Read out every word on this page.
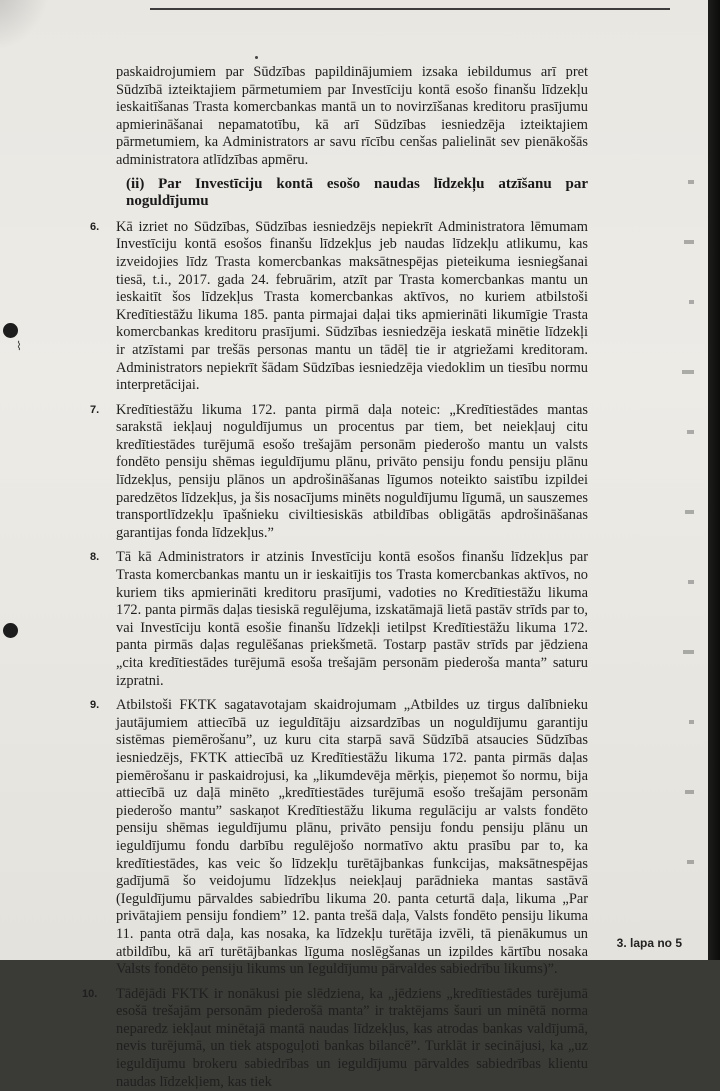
⌇

paskaidrojumiem par Sūdzības papildinājumiem izsaka iebildumus arī pret Sūdzībā izteiktajiem pārmetumiem par Investīciju kontā esošo finanšu līdzekļu ieskaitīšanas Trasta komercbankas mantā un to novirzīšanas kreditoru prasījumu apmierināšanai nepamatotību, kā arī Sūdzības iesniedzēja izteiktajiem pārmetumiem, ka Administrators ar savu rīcību cenšas palielināt sev pienākošās administratora atlīdzības apmēru.

(ii) Par Investīciju kontā esošo naudas līdzekļu atzīšanu par noguldījumu
6. Kā izriet no Sūdzības, Sūdzības iesniedzējs nepiekrīt Administratora lēmumam Investīciju kontā esošos finanšu līdzekļus jeb naudas līdzekļu atlikumu, kas izveidojies līdz Trasta komercbankas maksātnespējas pieteikuma iesniegšanai tiesā, t.i., 2017. gada 24. februārim, atzīt par Trasta komercbankas mantu un ieskaitīt šos līdzekļus Trasta komercbankas aktīvos, no kuriem atbilstoši Kredītiestāžu likuma 185. panta pirmajai daļai tiks apmierināti likumīgie Trasta komercbankas kreditoru prasījumi. Sūdzības iesniedzēja ieskatā minētie līdzekļi ir atzīstami par trešās personas mantu un tādēļ tie ir atgriežami kreditoram. Administrators nepiekrīt šādam Sūdzības iesniedzēja viedoklim un tiesību normu interpretācijai.
7. Kredītiestāžu likuma 172. panta pirmā daļa noteic: „Kredītiestādes mantas sarakstā iekļauj noguldījumus un procentus par tiem, bet neiekļauj citu kredītiestādes turējumā esošo trešajām personām piederošo mantu un valsts fondēto pensiju shēmas ieguldījumu plānu, privāto pensiju fondu pensiju plānu līdzekļus, pensiju plānos un apdrošināšanas līgumos noteikto saistību izpildei paredzētos līdzekļus, ja šis nosacījums minēts noguldījumu līgumā, un sauszemes transportlīdzekļu īpašnieku civiltiesiskās atbildības obligātās apdrošināšanas garantijas fonda līdzekļus.”
8. Tā kā Administrators ir atzinis Investīciju kontā esošos finanšu līdzekļus par Trasta komercbankas mantu un ir ieskaitījis tos Trasta komercbankas aktīvos, no kuriem tiks apmierināti kreditoru prasījumi, vadoties no Kredītiestāžu likuma 172. panta pirmās daļas tiesiskā regulējuma, izskatāmajā lietā pastāv strīds par to, vai Investīciju kontā esošie finanšu līdzekļi ietilpst Kredītiestāžu likuma 172. panta pirmās daļas regulēšanas priekšmetā. Tostarp pastāv strīds par jēdziena „cita kredītiestādes turējumā esoša trešajām personām piederoša manta” saturu izpratni.
9. Atbilstoši FKTK sagatavotajam skaidrojumam „Atbildes uz tirgus dalībnieku jautājumiem attiecībā uz ieguldītāju aizsardzības un noguldījumu garantiju sistēmas piemērošanu”, uz kuru cita starpā savā Sūdzībā atsaucies Sūdzības iesniedzējs, FKTK attiecībā uz Kredītiestāžu likuma 172. panta pirmās daļas piemērošanu ir paskaidrojusi, ka „likumdevēja mērķis, pieņemot šo normu, bija attiecībā uz daļā minēto „kredītiestādes turējumā esošo trešajām personām piederošo mantu” saskaņot Kredītiestāžu likuma regulāciju ar valsts fondēto pensiju shēmas ieguldījumu plānu, privāto pensiju fondu pensiju plānu un ieguldījumu fondu darbību regulējošo normatīvo aktu prasību par to, ka kredītiestādes, kas veic šo līdzekļu turētājbankas funkcijas, maksātnespējas gadījumā šo veidojumu līdzekļus neiekļauj parādnieka mantas sastāvā (Ieguldījumu pārvaldes sabiedrību likuma 20. panta ceturtā daļa, likuma „Par privātajiem pensiju fondiem” 12. panta trešā daļa, Valsts fondēto pensiju likuma 11. panta otrā daļa, kas nosaka, ka līdzekļu turētāja izvēli, tā pienākumus un atbildību, kā arī turētājbankas līguma noslēgšanas un izpildes kārtību nosaka Valsts fondēto pensiju likums un Ieguldījumu pārvaldes sabiedrību likums)”.
10. Tādējādi FKTK ir nonākusi pie slēdziena, ka „jēdziens „kredītiestādes turējumā esošā trešajām personām piederošā manta” ir traktējams šauri un minētā norma neparedz iekļaut minētajā mantā naudas līdzekļus, kas atrodas bankas valdījumā, nevis turējumā, un tiek atspoguļoti bankas bilancē”. Turklāt ir secinājusi, ka „uz ieguldījumu brokeru sabiedrības un ieguldījumu pārvaldes sabiedrības klientu naudas līdzekļiem, kas tiek
3. lapa no 5
